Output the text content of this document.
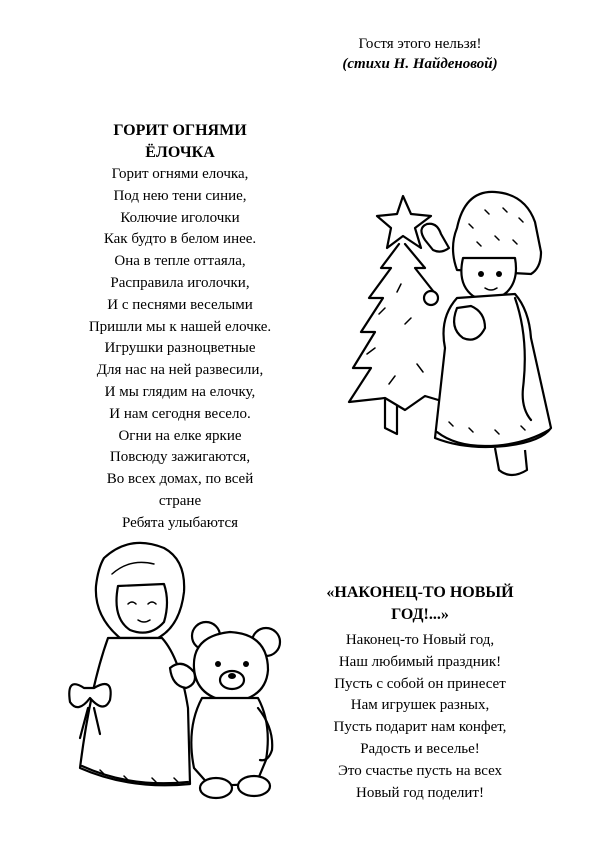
Гостя этого нельзя!
(стихи Н. Найденовой)
ГОРИТ ОГНЯМИ
ЁЛОЧКА
Горит огнями елочка,
Под нею тени синие,
Колючие иголочки
Как будто в белом инее.
Она в тепле оттаяла,
Расправила иголочки,
И с песнями веселыми
Пришли мы к нашей елочке.
Игрушки разноцветные
Для нас на ней развесили,
И мы глядим на елочку,
И нам сегодня весело.
Огни на елке яркие
Повсюду зажигаются,
Во всех домах, по всей
стране
Ребята улыбаются
«НАКОНЕЦ-ТО НОВЫЙ
ГОД!...»
Наконец-то Новый год,
Наш любимый праздник!
Пусть с собой он принесет
Нам игрушек разных,
Пусть подарит нам конфет,
Радость и веселье!
Это счастье пусть на всех
Новый год поделит!
